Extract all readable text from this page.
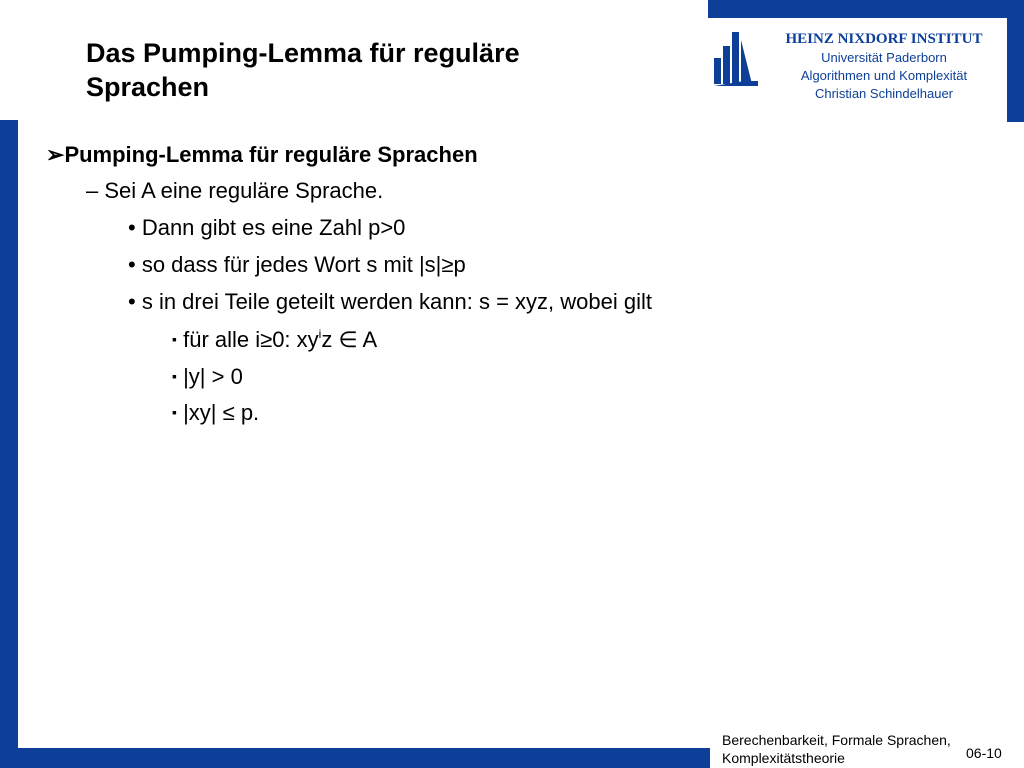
Das Pumping-Lemma für reguläre
Sprachen
HEINZ NIXDORF INSTITUT
Universität Paderborn
Algorithmen und Komplexität
Christian Schindelhauer
➢Pumping-Lemma für reguläre Sprachen
– Sei A eine reguläre Sprache.
• Dann gibt es eine Zahl p>0
• so dass für jedes Wort s mit |s|≥p
• s in drei Teile geteilt werden kann: s = xyz, wobei gilt
▪ für alle i≥0: $xy^iz$ ∈ A
▪ |y| > 0
▪ |xy| ≤ p.
Berechenbarkeit, Formale Sprachen,
Komplexitätstheorie	06-10
